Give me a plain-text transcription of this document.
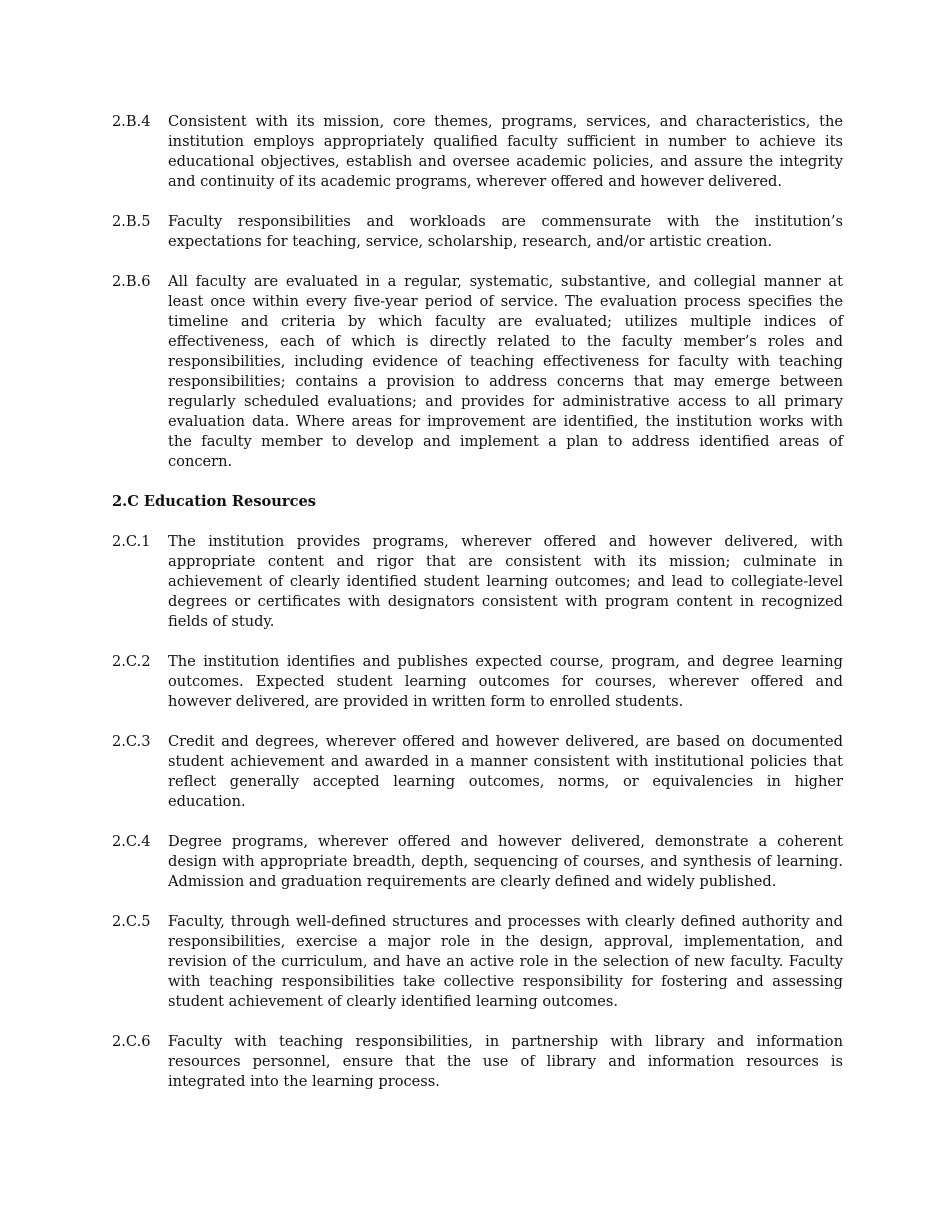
2.B.4	Consistent with its mission, core themes, programs, services, and characteristics, the institution employs appropriately qualified faculty sufficient in number to achieve its educational objectives, establish and oversee academic policies, and assure the integrity and continuity of its academic programs, wherever offered and however delivered.
2.B.5	Faculty responsibilities and workloads are commensurate with the institution’s expectations for teaching, service, scholarship, research, and/or artistic creation.
2.B.6	All faculty are evaluated in a regular, systematic, substantive, and collegial manner at least once within every five-year period of service. The evaluation process specifies the timeline and criteria by which faculty are evaluated; utilizes multiple indices of effectiveness, each of which is directly related to the faculty member’s roles and responsibilities, including evidence of teaching effectiveness for faculty with teaching responsibilities; contains a provision to address concerns that may emerge between regularly scheduled evaluations; and provides for administrative access to all primary evaluation data. Where areas for improvement are identified, the institution works with the faculty member to develop and implement a plan to address identified areas of concern.
2.C Education Resources
2.C.1	The institution provides programs, wherever offered and however delivered, with appropriate content and rigor that are consistent with its mission; culminate in achievement of clearly identified student learning outcomes; and lead to collegiate-level degrees or certificates with designators consistent with program content in recognized fields of study.
2.C.2	The institution identifies and publishes expected course, program, and degree learning outcomes. Expected student learning outcomes for courses, wherever offered and however delivered, are provided in written form to enrolled students.
2.C.3	Credit and degrees, wherever offered and however delivered, are based on documented student achievement and awarded in a manner consistent with institutional policies that reflect generally accepted learning outcomes, norms, or equivalencies in higher education.
2.C.4	Degree programs, wherever offered and however delivered, demonstrate a coherent design with appropriate breadth, depth, sequencing of courses, and synthesis of learning. Admission and graduation requirements are clearly defined and widely published.
2.C.5	Faculty, through well-defined structures and processes with clearly defined authority and responsibilities, exercise a major role in the design, approval, implementation, and revision of the curriculum, and have an active role in the selection of new faculty. Faculty with teaching responsibilities take collective responsibility for fostering and assessing student achievement of clearly identified learning outcomes.
2.C.6	Faculty with teaching responsibilities, in partnership with library and information resources personnel, ensure that the use of library and information resources is integrated into the learning process.
